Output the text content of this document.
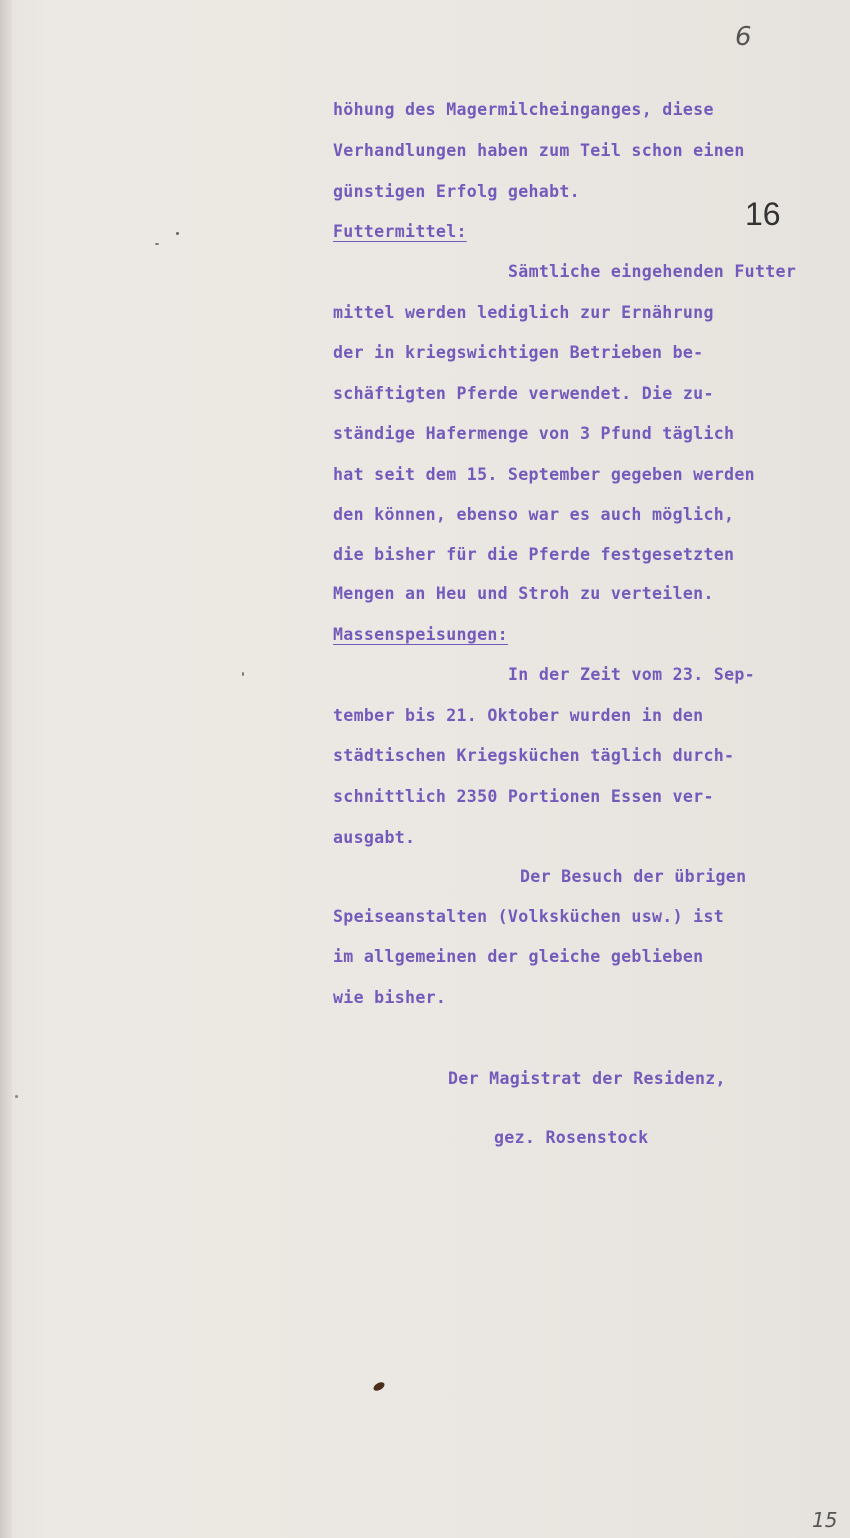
6
16
höhung des Magermilcheinganges, diese
Verhandlungen haben zum Teil schon einen
günstigen Erfolg gehabt.
Futtermittel:
Sämtliche eingehenden Futter
mittel werden lediglich zur Ernährung
der in kriegswichtigen Betrieben be-
schäftigten Pferde verwendet. Die zu-
ständige Hafermenge von 3 Pfund täglich
hat seit dem 15. September gegeben werden
den können, ebenso war es auch möglich,
die bisher für die Pferde festgesetzten
Mengen an Heu und Stroh zu verteilen.
Massenspeisungen:
In der Zeit vom 23. Sep-
tember bis 21. Oktober wurden in den
städtischen Kriegsküchen täglich durch-
schnittlich 2350 Portionen Essen ver-
ausgabt.
Der Besuch der übrigen
Speiseanstalten (Volksküchen usw.) ist
im allgemeinen der gleiche geblieben
wie bisher.
Der Magistrat der Residenz,
gez. Rosenstock
15
